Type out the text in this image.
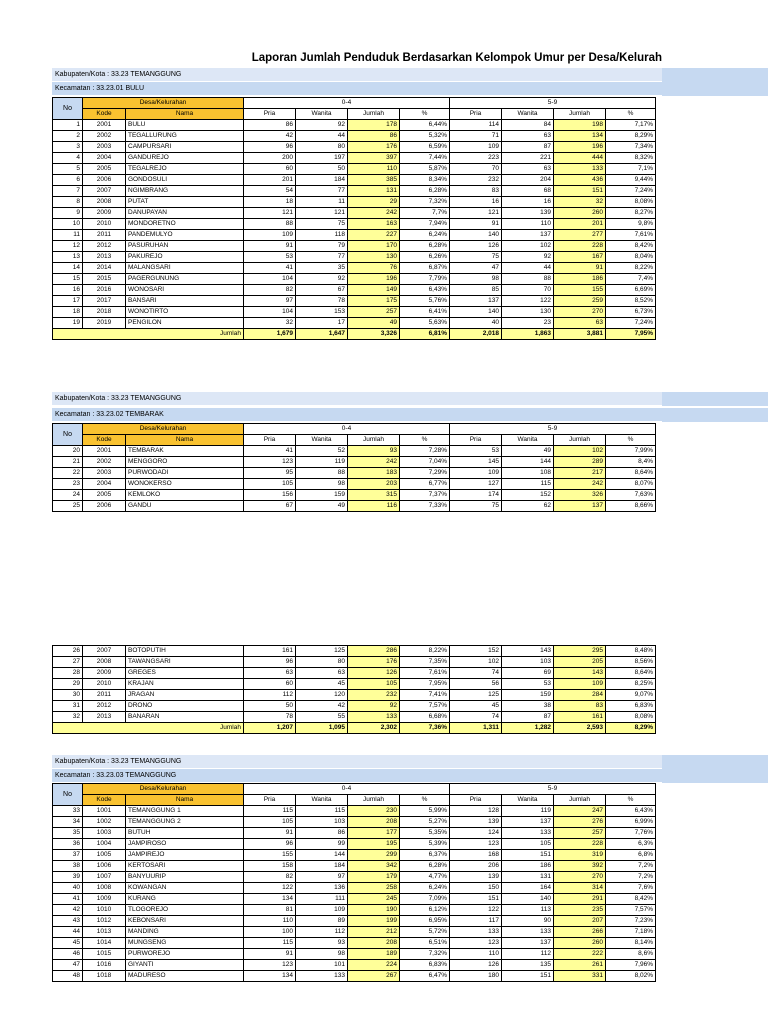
Laporan Jumlah Penduduk Berdasarkan Kelompok Umur per Desa/Kelurah
Kabupaten/Kota : 33.23 TEMANGGUNG
Kecamatan : 33.23.01 BULU
No	Desa/Kelurahan		0-4				5-9			
	Kode	Nama	Pria	Wanita	Jumlah	%	Pria	Wanita	Jumlah	%
1	2001	BULU	86	92	178	6,44%	114	84	198	7,17%
2	2002	TEGALLURUNG	42	44	86	5,32%	71	63	134	8,29%
3	2003	CAMPURSARI	96	80	176	6,59%	109	87	196	7,34%
4	2004	GANDUREJO	200	197	397	7,44%	223	221	444	8,32%
5	2005	TEGALREJO	60	50	110	5,87%	70	63	133	7,1%
6	2006	GONDOSULI	201	184	385	8,34%	232	204	436	9,44%
7	2007	NGIMBRANG	54	77	131	6,28%	83	68	151	7,24%
8	2008	PUTAT	18	11	29	7,32%	16	16	32	8,08%
9	2009	DANUPAYAN	121	121	242	7,7%	121	139	260	8,27%
10	2010	MONDORETNO	88	75	163	7,94%	91	110	201	9,8%
11	2011	PANDEMULYO	109	118	227	6,24%	140	137	277	7,61%
12	2012	PASURUHAN	91	79	170	6,28%	126	102	228	8,42%
13	2013	PAKUREJO	53	77	130	6,26%	75	92	167	8,04%
14	2014	MALANGSARI	41	35	76	6,87%	47	44	91	8,22%
15	2015	PAGERGUNUNG	104	92	196	7,79%	98	88	186	7,4%
16	2016	WONOSARI	82	67	149	6,43%	85	70	155	6,69%
17	2017	BANSARI	97	78	175	5,76%	137	122	259	8,52%
18	2018	WONOTIRTO	104	153	257	6,41%	140	130	270	6,73%
19	2019	PENGILON	32	17	49	5,63%	40	23	63	7,24%
Jumlah			1,679	1,647	3,326	6,81%	2,018	1,863	3,881	7,95%
Kabupaten/Kota : 33.23 TEMANGGUNG
Kecamatan : 33.23.02 TEMBARAK
No	Desa/Kelurahan		0-4				5-9			
	Kode	Nama	Pria	Wanita	Jumlah	%	Pria	Wanita	Jumlah	%
20	2001	TEMBARAK	41	52	93	7,28%	53	49	102	7,99%
21	2002	MENGGORO	123	119	242	7,04%	145	144	289	8,4%
22	2003	PURWODADI	95	88	183	7,29%	109	108	217	8,64%
23	2004	WONOKERSO	105	98	203	6,77%	127	115	242	8,07%
24	2005	KEMLOKO	156	159	315	7,37%	174	152	326	7,63%
25	2006	GANDU	67	49	116	7,33%	75	62	137	8,66%
26	2007	BOTOPUTIH	161	125	286	8,22%	152	143	295	8,48%
27	2008	TAWANGSARI	96	80	176	7,35%	102	103	205	8,56%
28	2009	GREGES	63	63	126	7,61%	74	69	143	8,64%
29	2010	KRAJAN	60	45	105	7,95%	56	53	109	8,25%
30	2011	JRAGAN	112	120	232	7,41%	125	159	284	9,07%
31	2012	DRONO	50	42	92	7,57%	45	38	83	6,83%
32	2013	BANARAN	78	55	133	6,68%	74	87	161	8,08%
Jumlah			1,207	1,095	2,302	7,36%	1,311	1,282	2,593	8,29%
Kabupaten/Kota : 33.23 TEMANGGUNG
Kecamatan : 33.23.03 TEMANGGUNG
No	Desa/Kelurahan		0-4				5-9			
	Kode	Nama	Pria	Wanita	Jumlah	%	Pria	Wanita	Jumlah	%
33	1001	TEMANGGUNG 1	115	115	230	5,99%	128	119	247	6,43%
34	1002	TEMANGGUNG 2	105	103	208	5,27%	139	137	276	6,99%
35	1003	BUTUH	91	86	177	5,35%	124	133	257	7,76%
36	1004	JAMPIROSO	96	99	195	5,39%	123	105	228	6,3%
37	1005	JAMPIREJO	155	144	299	6,37%	168	151	319	6,8%
38	1006	KERTOSARI	158	184	342	6,28%	206	186	392	7,2%
39	1007	BANYUURIP	82	97	179	4,77%	139	131	270	7,2%
40	1008	KOWANGAN	122	136	258	6,24%	150	164	314	7,6%
41	1009	KURANG	134	111	245	7,09%	151	140	291	8,42%
42	1010	TLOGOREJO	81	109	190	6,12%	122	113	235	7,57%
43	1012	KEBONSARI	110	89	199	6,95%	117	90	207	7,23%
44	1013	MANDING	100	112	212	5,72%	133	133	266	7,18%
45	1014	MUNGSENG	115	93	208	6,51%	123	137	260	8,14%
46	1015	PURWOREJO	91	98	189	7,32%	110	112	222	8,6%
47	1016	GIYANTI	123	101	224	6,83%	126	135	261	7,96%
48	1018	MADURESO	134	133	267	6,47%	180	151	331	8,02%
